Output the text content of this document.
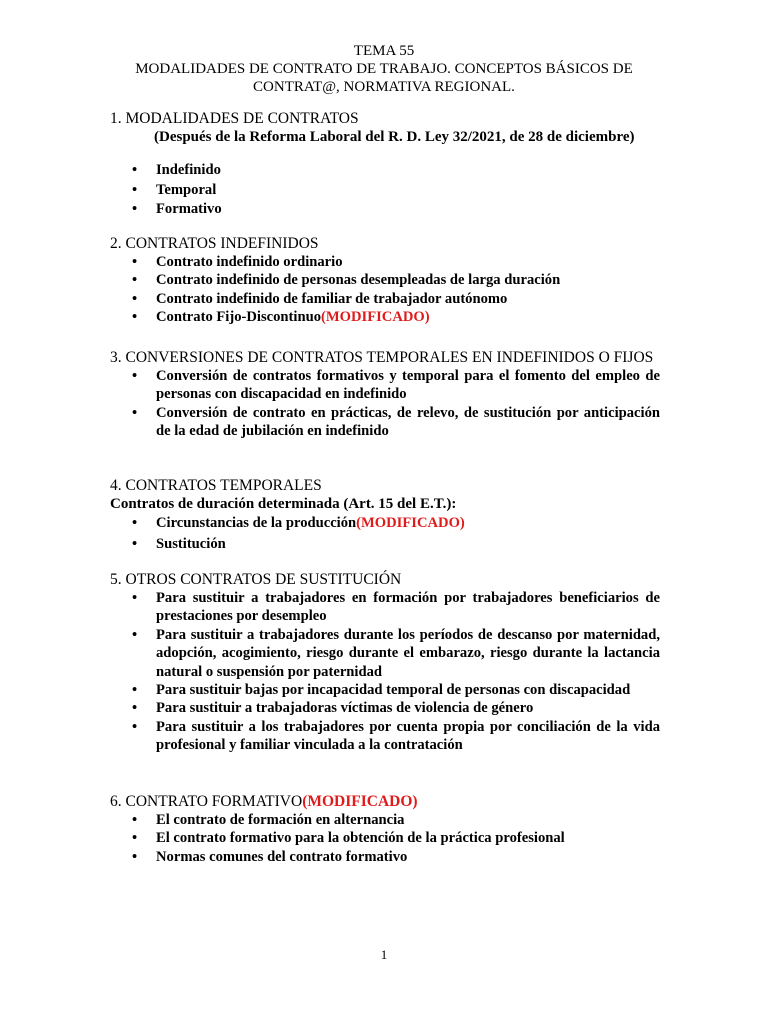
TEMA 55
MODALIDADES DE CONTRATO DE TRABAJO. CONCEPTOS BÁSICOS DE
CONTRAT@, NORMATIVA REGIONAL.
1. MODALIDADES DE CONTRATOS
(Después de la Reforma Laboral del R. D. Ley 32/2021, de 28 de diciembre)
• Indefinido
• Temporal
• Formativo
2. CONTRATOS INDEFINIDOS
• Contrato indefinido ordinario
• Contrato indefinido de personas desempleadas de larga duración
• Contrato indefinido de familiar de trabajador autónomo
• Contrato Fijo-Discontinuo(MODIFICADO)
3. CONVERSIONES DE CONTRATOS TEMPORALES EN INDEFINIDOS O FIJOS
• Conversión de contratos formativos y temporal para el fomento del empleo de personas con discapacidad en indefinido
• Conversión de contrato en prácticas, de relevo, de sustitución por anticipación de la edad de jubilación en indefinido
4. CONTRATOS TEMPORALES
Contratos de duración determinada (Art. 15 del E.T.):
• Circunstancias de la producción(MODIFICADO)
• Sustitución
5. OTROS CONTRATOS DE SUSTITUCIÓN
• Para sustituir a trabajadores en formación por trabajadores beneficiarios de prestaciones por desempleo
• Para sustituir a trabajadores durante los períodos de descanso por maternidad, adopción, acogimiento, riesgo durante el embarazo, riesgo durante la lactancia natural o suspensión por paternidad
• Para sustituir bajas por incapacidad temporal de personas con discapacidad
• Para sustituir a trabajadoras víctimas de violencia de género
• Para sustituir a los trabajadores por cuenta propia por conciliación de la vida profesional y familiar vinculada a la contratación
6. CONTRATO FORMATIVO(MODIFICADO)
• El contrato de formación en alternancia
• El contrato formativo para la obtención de la práctica profesional
• Normas comunes del contrato formativo
1
